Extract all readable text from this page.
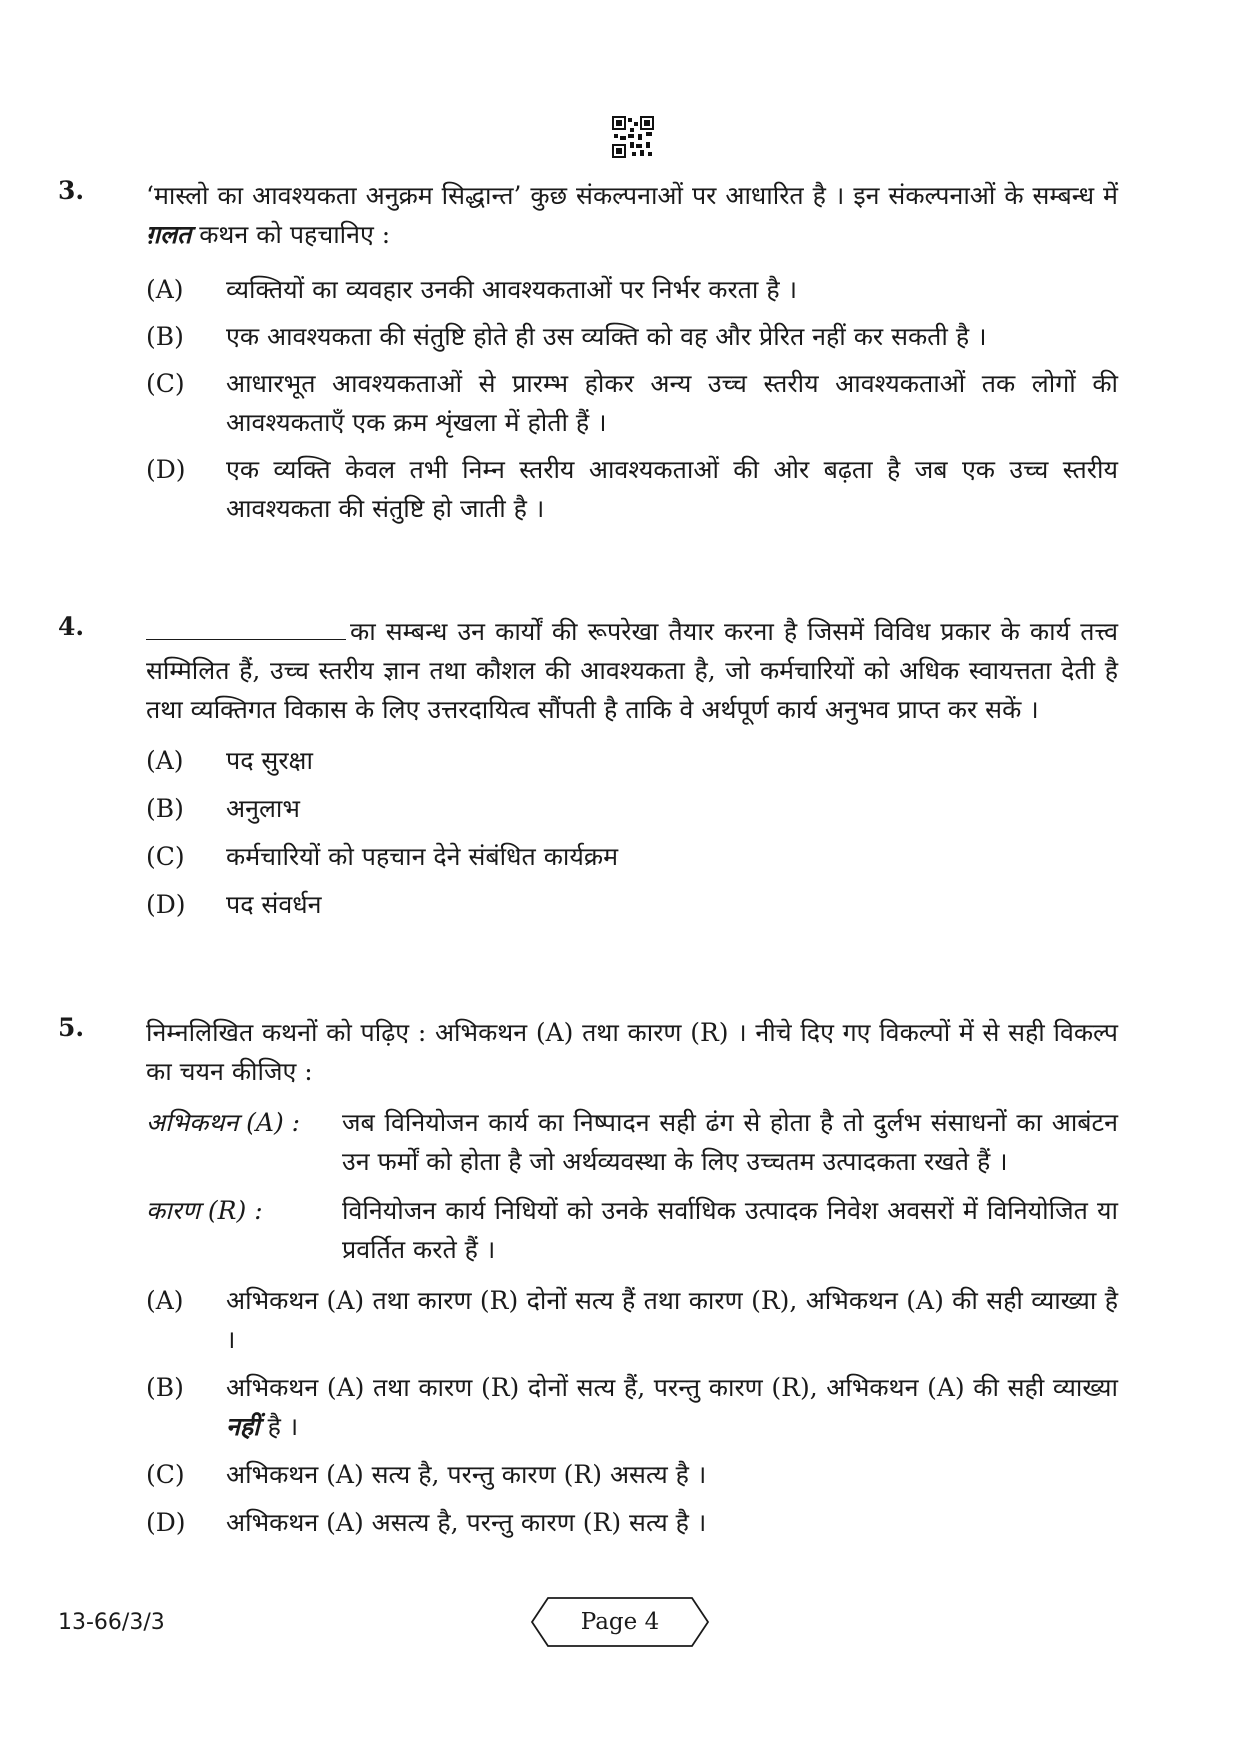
3. ‘मास्लो का आवश्यकता अनुक्रम सिद्धान्त’ कुछ संकल्पनाओं पर आधारित है । इन संकल्पनाओं के सम्बन्ध में ग़लत कथन को पहचानिए :
(A) व्यक्तियों का व्यवहार उनकी आवश्यकताओं पर निर्भर करता है ।
(B) एक आवश्यकता की संतुष्टि होते ही उस व्यक्ति को वह और प्रेरित नहीं कर सकती है ।
(C) आधारभूत आवश्यकताओं से प्रारम्भ होकर अन्य उच्च स्तरीय आवश्यकताओं तक लोगों की आवश्यकताएँ एक क्रम शृंखला में होती हैं ।
(D) एक व्यक्ति केवल तभी निम्न स्तरीय आवश्यकताओं की ओर बढ़ता है जब एक उच्च स्तरीय आवश्यकता की संतुष्टि हो जाती है ।
4.	का सम्बन्ध उन कार्यों की रूपरेखा तैयार करना है जिसमें विविध प्रकार के कार्य तत्त्व सम्मिलित हैं, उच्च स्तरीय ज्ञान तथा कौशल की आवश्यकता है, जो कर्मचारियों को अधिक स्वायत्तता देती है तथा व्यक्तिगत विकास के लिए उत्तरदायित्व सौंपती है ताकि वे अर्थपूर्ण कार्य अनुभव प्राप्त कर सकें ।
(A) पद सुरक्षा
(B) अनुलाभ
(C) कर्मचारियों को पहचान देने संबंधित कार्यक्रम
(D) पद संवर्धन
5. निम्नलिखित कथनों को पढ़िए : अभिकथन (A) तथा कारण (R) । नीचे दिए गए विकल्पों में से सही विकल्प का चयन कीजिए :
अभिकथन (A) : जब विनियोजन कार्य का निष्पादन सही ढंग से होता है तो दुर्लभ संसाधनों का आबंटन उन फर्मों को होता है जो अर्थव्यवस्था के लिए उच्चतम उत्पादकता रखते हैं ।
कारण (R) :	विनियोजन कार्य निधियों को उनके सर्वाधिक उत्पादक निवेश अवसरों में विनियोजित या प्रवर्तित करते हैं ।
(A) अभिकथन (A) तथा कारण (R) दोनों सत्य हैं तथा कारण (R), अभिकथन (A) की सही व्याख्या है ।
(B) अभिकथन (A) तथा कारण (R) दोनों सत्य हैं, परन्तु कारण (R), अभिकथन (A) की सही व्याख्या नहीं है ।
(C) अभिकथन (A) सत्य है, परन्तु कारण (R) असत्य है ।
(D) अभिकथन (A) असत्य है, परन्तु कारण (R) सत्य है ।
13-66/3/3	Page 4
